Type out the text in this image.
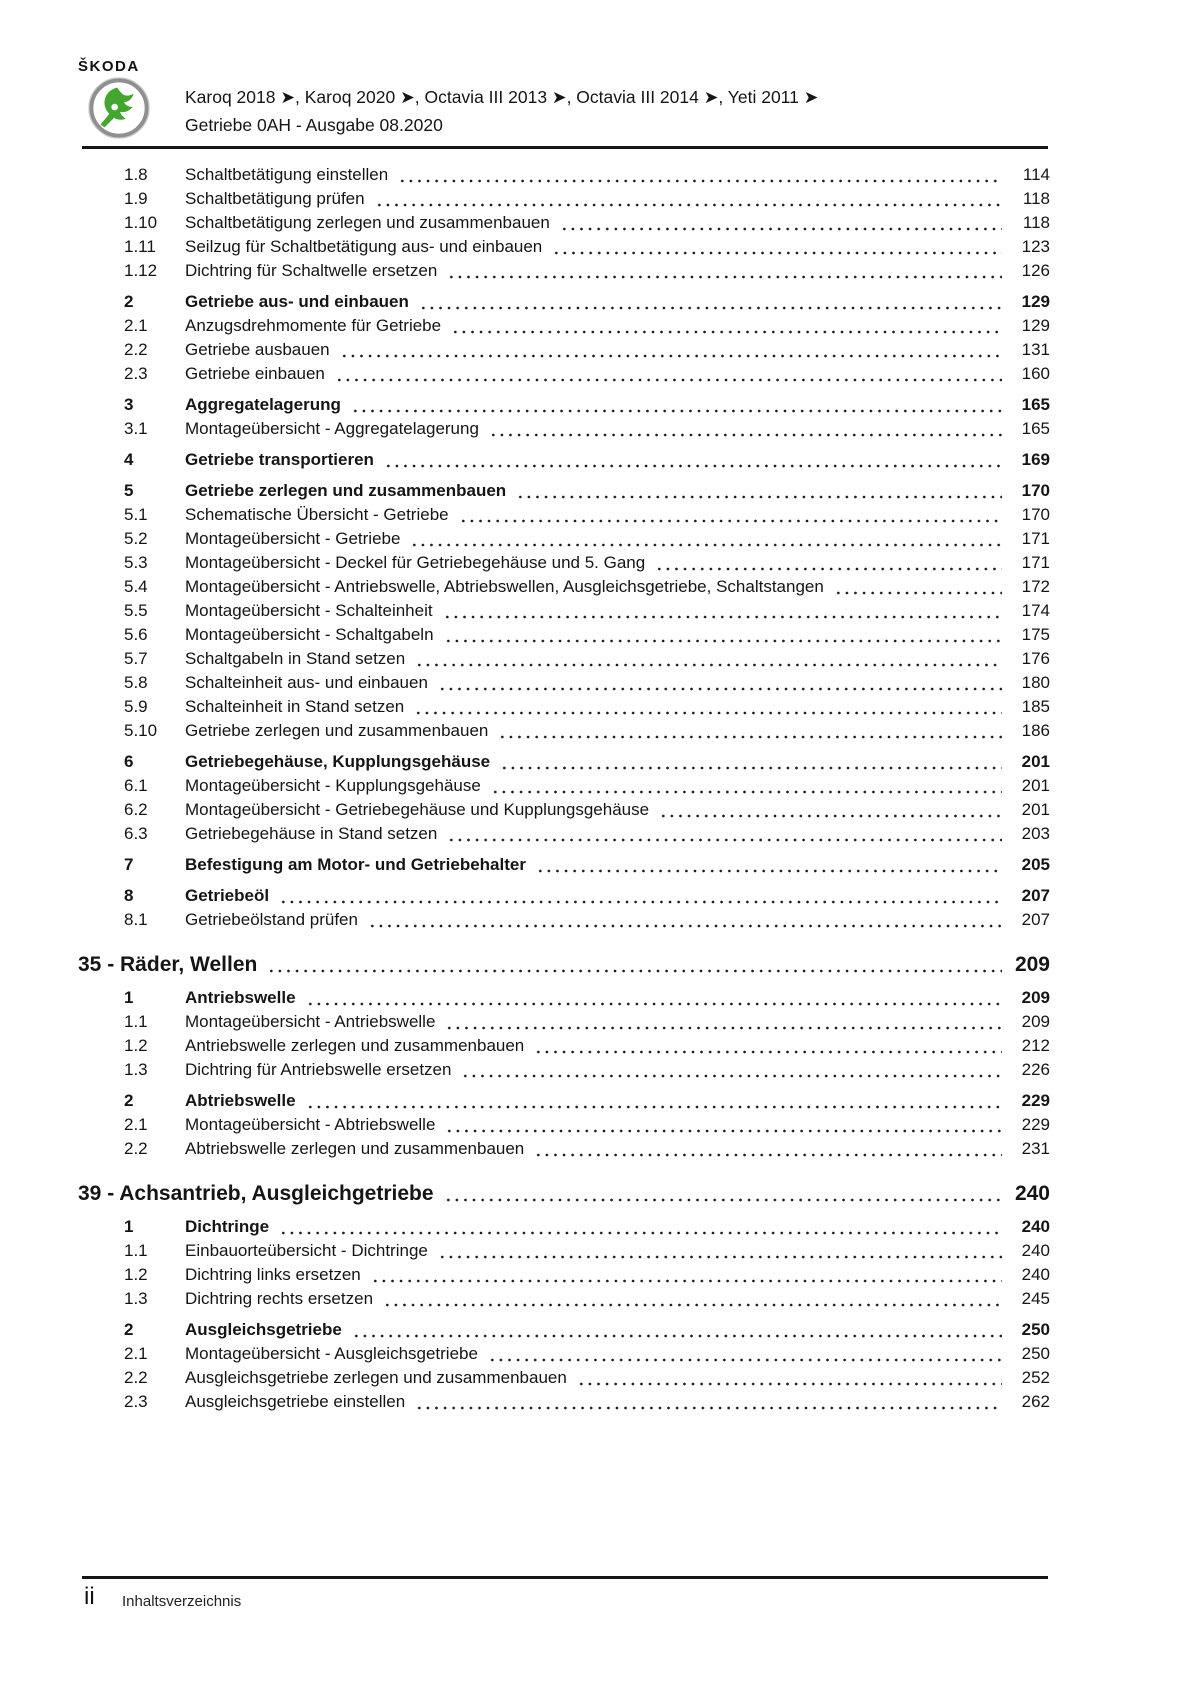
ŠKODA
Karoq 2018 ➤, Karoq 2020 ➤, Octavia III 2013 ➤, Octavia III 2014 ➤, Yeti 2011 ➤
Getriebe 0AH - Ausgabe 08.2020
1.8	Schaltbetätigung einstellen	114
1.9	Schaltbetätigung prüfen	118
1.10	Schaltbetätigung zerlegen und zusammenbauen	118
1.11	Seilzug für Schaltbetätigung aus- und einbauen	123
1.12	Dichtring für Schaltwelle ersetzen	126
2	Getriebe aus- und einbauen	129
2.1	Anzugsdrehmomente für Getriebe	129
2.2	Getriebe ausbauen	131
2.3	Getriebe einbauen	160
3	Aggregatelagerung	165
3.1	Montageübersicht - Aggregatelagerung	165
4	Getriebe transportieren	169
5	Getriebe zerlegen und zusammenbauen	170
5.1	Schematische Übersicht - Getriebe	170
5.2	Montageübersicht - Getriebe	171
5.3	Montageübersicht - Deckel für Getriebegehäuse und 5. Gang	171
5.4	Montageübersicht - Antriebswelle, Abtriebswellen, Ausgleichsgetriebe, Schaltstangen	172
5.5	Montageübersicht - Schalteinheit	174
5.6	Montageübersicht - Schaltgabeln	175
5.7	Schaltgabeln in Stand setzen	176
5.8	Schalteinheit aus- und einbauen	180
5.9	Schalteinheit in Stand setzen	185
5.10	Getriebe zerlegen und zusammenbauen	186
6	Getriebegehäuse, Kupplungsgehäuse	201
6.1	Montageübersicht - Kupplungsgehäuse	201
6.2	Montageübersicht - Getriebegehäuse und Kupplungsgehäuse	201
6.3	Getriebegehäuse in Stand setzen	203
7	Befestigung am Motor- und Getriebehalter	205
8	Getriebeöl	207
8.1	Getriebeölstand prüfen	207
35 - Räder, Wellen	209
1	Antriebswelle	209
1.1	Montageübersicht - Antriebswelle	209
1.2	Antriebswelle zerlegen und zusammenbauen	212
1.3	Dichtring für Antriebswelle ersetzen	226
2	Abtriebswelle	229
2.1	Montageübersicht - Abtriebswelle	229
2.2	Abtriebswelle zerlegen und zusammenbauen	231
39 - Achsantrieb, Ausgleichgetriebe	240
1	Dichtringe	240
1.1	Einbauorteübersicht - Dichtringe	240
1.2	Dichtring links ersetzen	240
1.3	Dichtring rechts ersetzen	245
2	Ausgleichsgetriebe	250
2.1	Montageübersicht - Ausgleichsgetriebe	250
2.2	Ausgleichsgetriebe zerlegen und zusammenbauen	252
2.3	Ausgleichsgetriebe einstellen	262
ii Inhaltsverzeichnis
